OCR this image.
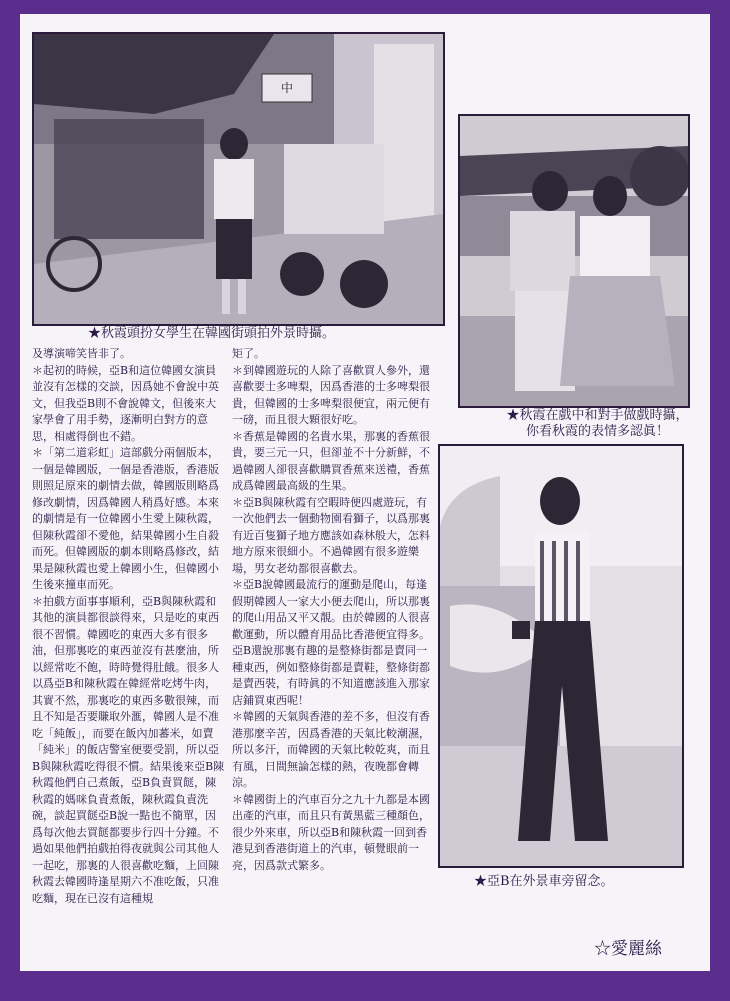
中
★秋霞頭扮女學生在韓國街頭拍外景時攝。
★秋霞在戲中和對手做戲時攝，
你看秋霞的表情多認眞！
★亞B在外景車旁留念。

及導演啼笑皆非了。

＊起初的時候，亞B和這位韓國女演員並沒有怎樣的交談，因爲她不會說中英文，但我亞B則不會說韓文，但後來大家學會了用手勢，逐漸明白對方的意思，相處得倒也不錯。

＊「第二道彩虹」這部戲分兩個版本，一個是韓國版，一個是香港版，香港版則照足原來的劇情去做，韓國版則略爲修改劇情，因爲韓國人稍爲好感。本來的劇情是有一位韓國小生愛上陳秋霞，但陳秋霞卻不愛他，結果韓國小生自殺而死。但韓國版的劇本則略爲修改，結果是陳秋霞也愛上韓國小生，但韓國小生後來撞車而死。

＊拍戲方面事事順利，亞B與陳秋霞和其他的演員都很談得來，只是吃的東西很不習慣。韓國吃的東西大多有很多油，但那裏吃的東西並沒有甚麼油，所以經常吃不飽，時時覺得肚餓。很多人以爲亞B和陳秋霞在韓經常吃烤牛肉，其實不然，那裏吃的東西多數很辣，而且不知是否要賺取外滙，韓國人是不准吃「純飯」，而要在飯內加蕃米，如賣「純米」的飯店警室便要受罰，所以亞B與陳秋霞吃得很不慣。結果後來亞B陳秋霞他們自己煮飯，亞B負責買餸，陳秋霞的媽咪負責煮飯，陳秋霞負責洗碗，談起買餸亞B說一點也不簡單，因爲每次他去買餸都要步行四十分鐘。不過如果他們拍戲拍得夜就與公司其他人一起吃，那裏的人很喜歡吃麵，上回陳秋霞去韓國時逢星期六不准吃飯，只准吃麵，現在已沒有這種規

矩了。

＊到韓國遊玩的人除了喜歡買人參外，還喜歡要士多啤梨，因爲香港的士多啤梨很貴，但韓國的士多啤梨很便宜，兩元便有一磅，而且很大顆很好吃。

＊香蕉是韓國的名貴水果，那裏的香蕉很貴，要三元一只，但卻並不十分新鮮，不過韓國人卻很喜歡購買香蕉來送禮，香蕉成爲韓國最高級的生果。

＊亞B與陳秋霞有空暇時便四處遊玩，有一次他們去一個動物園看獅子，以爲那裏有近百隻獅子地方應該如森林般大，怎料地方原來很細小。不過韓國有很多遊樂場，男女老幼都很喜歡去。

＊亞B說韓國最流行的運動是爬山，每逢假期韓國人一家大小便去爬山，所以那裏的爬山用品又平又靚。由於韓國的人很喜歡運動，所以體育用品比香港便宜得多。亞B還說那裏有趣的是整條街都是賣同一種東西，例如整條街都是賣鞋，整條街都是賣西裝，有時眞的不知道應該進入那家店鋪買東西呢！

＊韓國的天氣與香港的差不多，但沒有香港那麼辛苦，因爲香港的天氣比較潮濕，所以多汗，而韓國的天氣比較乾爽，而且有風，日間無論怎樣的熱，夜晚都會轉涼。

＊韓國街上的汽車百分之九十九都是本國出產的汽車，而且只有黃黑藍三種顏色，很少外來車，所以亞B和陳秋霞一回到香港見到香港街道上的汽車，頓覺眼前一亮，因爲款式繁多。

☆愛麗絲
